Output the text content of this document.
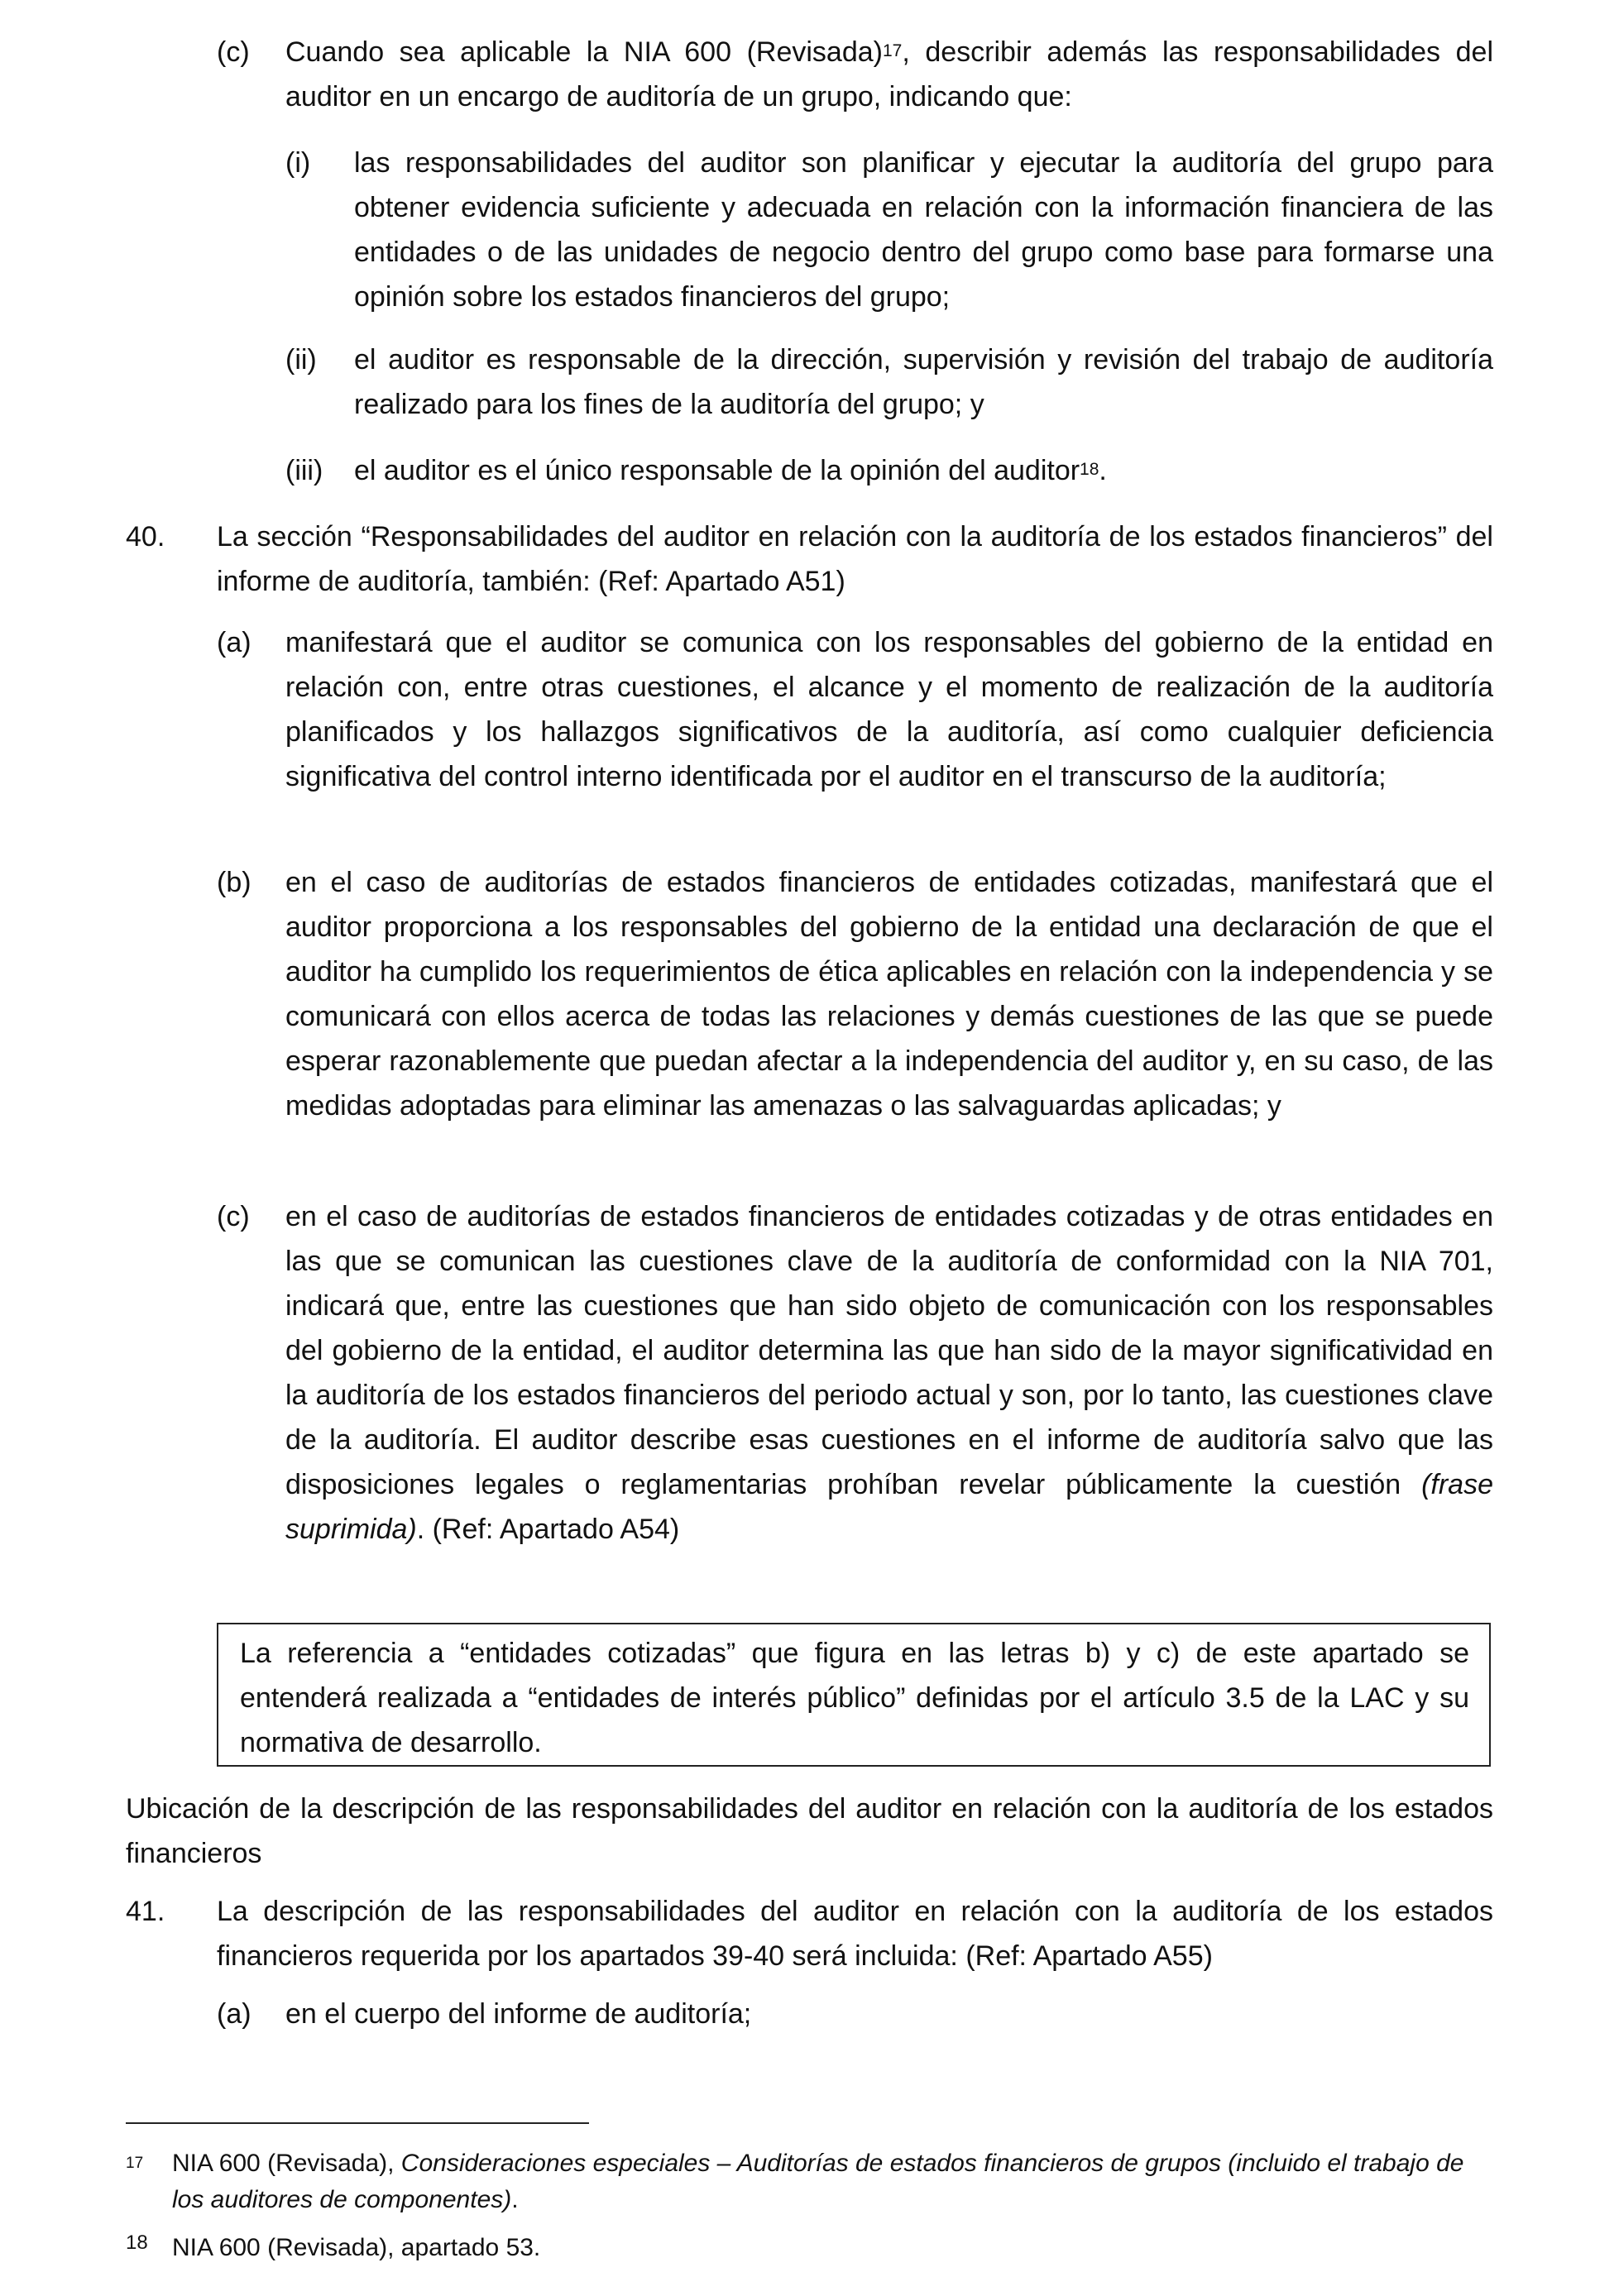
(c) Cuando sea aplicable la NIA 600 (Revisada)$^{17}$, describir además las responsabilidades del auditor en un encargo de auditoría de un grupo, indicando que:

(i) las responsabilidades del auditor son planificar y ejecutar la auditoría del grupo para obtener evidencia suficiente y adecuada en relación con la información financiera de las entidades o de las unidades de negocio dentro del grupo como base para formarse una opinión sobre los estados financieros del grupo;

(ii) el auditor es responsable de la dirección, supervisión y revisión del trabajo de auditoría realizado para los fines de la auditoría del grupo; y

(iii) el auditor es el único responsable de la opinión del auditor$^{18}$.

40. La sección “Responsabilidades del auditor en relación con la auditoría de los estados financieros” del informe de auditoría, también: (Ref: Apartado A51)

(a) manifestará que el auditor se comunica con los responsables del gobierno de la entidad en relación con, entre otras cuestiones, el alcance y el momento de realización de la auditoría planificados y los hallazgos significativos de la auditoría, así como cualquier deficiencia significativa del control interno identificada por el auditor en el transcurso de la auditoría;

(b) en el caso de auditorías de estados financieros de entidades cotizadas, manifestará que el auditor proporciona a los responsables del gobierno de la entidad una declaración de que el auditor ha cumplido los requerimientos de ética aplicables en relación con la independencia y se comunicará con ellos acerca de todas las relaciones y demás cuestiones de las que se puede esperar razonablemente que puedan afectar a la independencia del auditor y, en su caso, de las medidas adoptadas para eliminar las amenazas o las salvaguardas aplicadas; y

(c) en el caso de auditorías de estados financieros de entidades cotizadas y de otras entidades en las que se comunican las cuestiones clave de la auditoría de conformidad con la NIA 701, indicará que, entre las cuestiones que han sido objeto de comunicación con los responsables del gobierno de la entidad, el auditor determina las que han sido de la mayor significatividad en la auditoría de los estados financieros del periodo actual y son, por lo tanto, las cuestiones clave de la auditoría. El auditor describe esas cuestiones en el informe de auditoría salvo que las disposiciones legales o reglamentarias prohíban revelar públicamente la cuestión (frase suprimida). (Ref: Apartado A54)

La referencia a “entidades cotizadas” que figura en las letras b) y c) de este apartado se entenderá realizada a “entidades de interés público” definidas por el artículo 3.5 de la LAC y su normativa de desarrollo.

Ubicación de la descripción de las responsabilidades del auditor en relación con la auditoría de los estados financieros

41. La descripción de las responsabilidades del auditor en relación con la auditoría de los estados financieros requerida por los apartados 39-40 será incluida: (Ref: Apartado A55)

(a) en el cuerpo del informe de auditoría;

17 NIA 600 (Revisada), Consideraciones especiales – Auditorías de estados financieros de grupos (incluido el trabajo de los auditores de componentes).

18 NIA 600 (Revisada), apartado 53.
